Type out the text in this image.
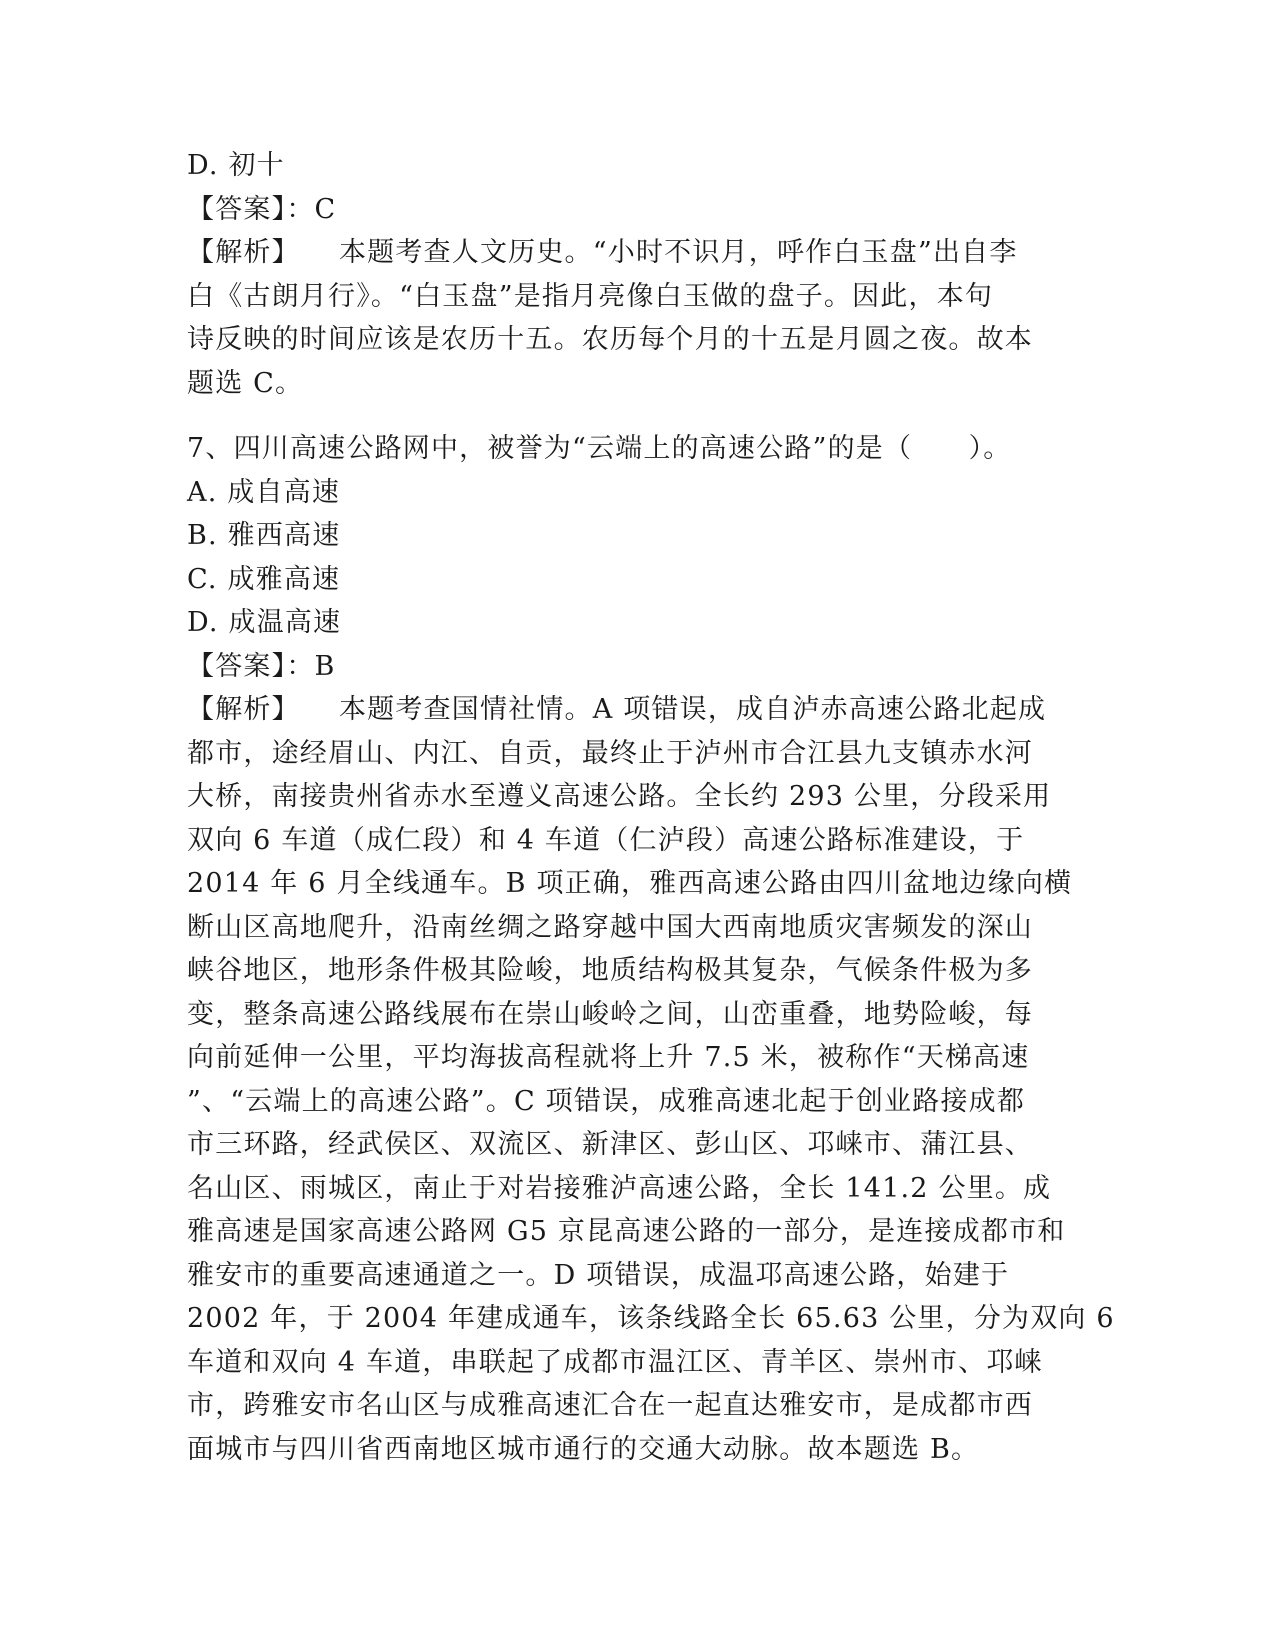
D. 初十
【答案】：C
【解析】 本题考查人文历史。“小时不识月，呼作白玉盘”出自李
白《古朗月行》。“白玉盘”是指月亮像白玉做的盘子。因此，本句
诗反映的时间应该是农历十五。农历每个月的十五是月圆之夜。故本
题选 C。
7、四川高速公路网中，被誉为“云端上的高速公路”的是（　　）。
A. 成自高速
B. 雅西高速
C. 成雅高速
D. 成温高速
【答案】：B
【解析】 本题考查国情社情。A 项错误，成自泸赤高速公路北起成
都市，途经眉山、内江、自贡，最终止于泸州市合江县九支镇赤水河
大桥，南接贵州省赤水至遵义高速公路。全长约 293 公里，分段采用
双向 6 车道（成仁段）和 4 车道（仁泸段）高速公路标准建设，于
2014 年 6 月全线通车。B 项正确，雅西高速公路由四川盆地边缘向横
断山区高地爬升，沿南丝绸之路穿越中国大西南地质灾害频发的深山
峡谷地区，地形条件极其险峻，地质结构极其复杂，气候条件极为多
变，整条高速公路线展布在崇山峻岭之间，山峦重叠，地势险峻，每
向前延伸一公里，平均海拔高程就将上升 7.5 米，被称作“天梯高速
”、“云端上的高速公路”。C 项错误，成雅高速北起于创业路接成都
市三环路，经武侯区、双流区、新津区、彭山区、邛崃市、蒲江县、
名山区、雨城区，南止于对岩接雅泸高速公路，全长 141.2 公里。成
雅高速是国家高速公路网 G5 京昆高速公路的一部分，是连接成都市和
雅安市的重要高速通道之一。D 项错误，成温邛高速公路，始建于
2002 年，于 2004 年建成通车，该条线路全长 65.63 公里，分为双向 6
车道和双向 4 车道，串联起了成都市温江区、青羊区、崇州市、邛崃
市，跨雅安市名山区与成雅高速汇合在一起直达雅安市，是成都市西
面城市与四川省西南地区城市通行的交通大动脉。故本题选 B。
